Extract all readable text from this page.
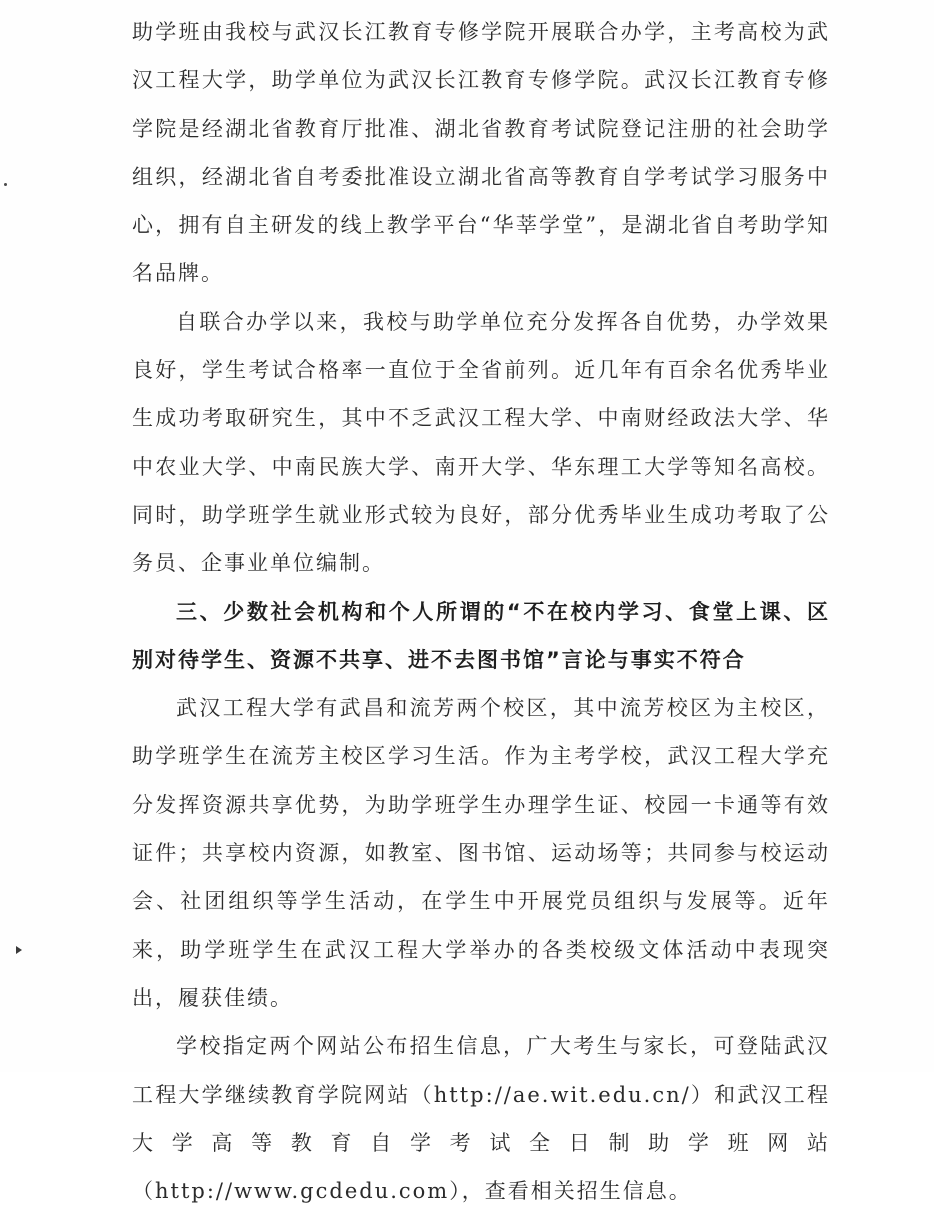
助学班由我校与武汉长江教育专修学院开展联合办学，主考高校为武汉工程大学，助学单位为武汉长江教育专修学院。武汉长江教育专修学院是经湖北省教育厅批准、湖北省教育考试院登记注册的社会助学组织，经湖北省自考委批准设立湖北省高等教育自学考试学习服务中心，拥有自主研发的线上教学平台“华莘学堂”，是湖北省自考助学知名品牌。

自联合办学以来，我校与助学单位充分发挥各自优势，办学效果良好，学生考试合格率一直位于全省前列。近几年有百余名优秀毕业生成功考取研究生，其中不乏武汉工程大学、中南财经政法大学、华中农业大学、中南民族大学、南开大学、华东理工大学等知名高校。同时，助学班学生就业形式较为良好，部分优秀毕业生成功考取了公务员、企事业单位编制。

三、少数社会机构和个人所谓的“不在校内学习、食堂上课、区别对待学生、资源不共享、进不去图书馆”言论与事实不符合

武汉工程大学有武昌和流芳两个校区，其中流芳校区为主校区，助学班学生在流芳主校区学习生活。作为主考学校，武汉工程大学充分发挥资源共享优势，为助学班学生办理学生证、校园一卡通等有效证件；共享校内资源，如教室、图书馆、运动场等；共同参与校运动会、社团组织等学生活动，在学生中开展党员组织与发展等。近年来，助学班学生在武汉工程大学举办的各类校级文体活动中表现突出，履获佳绩。

学校指定两个网站公布招生信息，广大考生与家长，可登陆武汉工程大学继续教育学院网站（http://ae.wit.edu.cn/）和武汉工程大学高等教育自学考试全日制助学班网站（http://www.gcdedu.com），查看相关招生信息。
